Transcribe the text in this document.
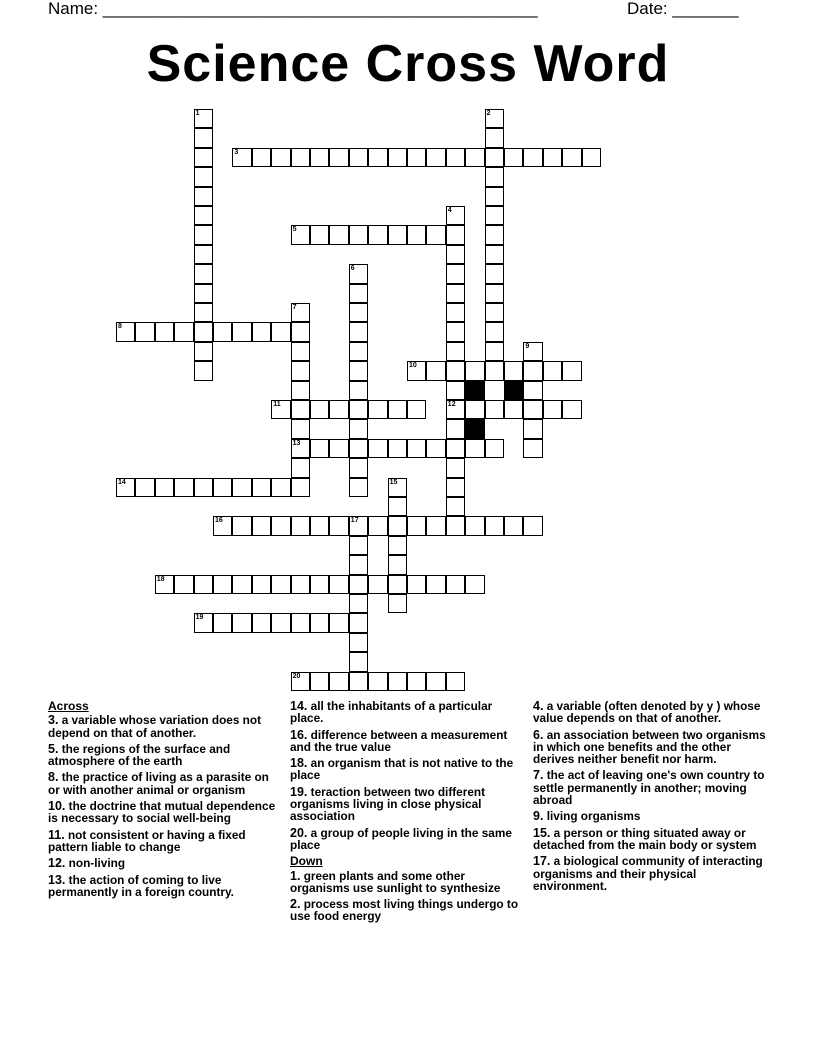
Name: ______________________________________________	Date: _______
Science Cross Word
1	2
3
4
12
5
6
7
13
8
9
10
11
14	15
16	17
18
19
20
Across
3. a variable whose variation does not depend on that of another.
5. the regions of the surface and atmosphere of the earth
8. the practice of living as a parasite on or with another animal or organism
10. the doctrine that mutual dependence is necessary to social well-being
11. not consistent or having a fixed pattern liable to change
12. non-living
13. the action of coming to live permanently in a foreign country.
14. all the inhabitants of a particular place.
16. difference between a measurement and the true value
18. an organism that is not native to the place
19. teraction between two different organisms living in close physical association
20. a group of people living in the same place
Down
1. green plants and some other organisms use sunlight to synthesize
2. process most living things undergo to use food energy
4. a variable (often denoted by y ) whose value depends on that of another.
6. an association between two organisms in which one benefits and the other derives neither benefit nor harm.
7. the act of leaving one's own country to settle permanently in another; moving abroad
9. living organisms
15. a person or thing situated away or detached from the main body or system
17. a biological community of interacting organisms and their physical environment.
